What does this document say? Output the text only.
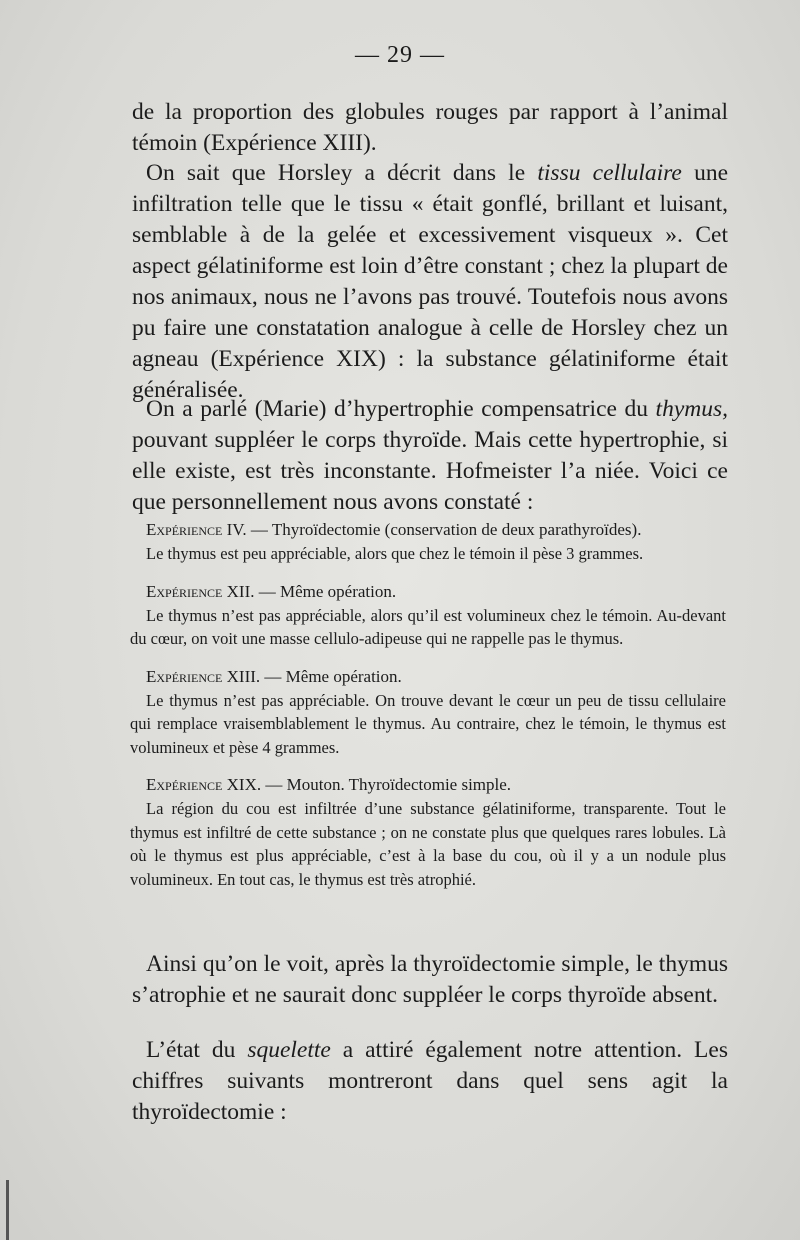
— 29 —

de la proportion des globules rouges par rapport à l’animal témoin (Expérience XIII).

On sait que Horsley a décrit dans le tissu cellulaire une infiltration telle que le tissu « était gonflé, brillant et luisant, semblable à de la gelée et excessivement visqueux ». Cet aspect gélatiniforme est loin d’être constant ; chez la plupart de nos animaux, nous ne l’avons pas trouvé. Toutefois nous avons pu faire une constatation analogue à celle de Horsley chez un agneau (Expérience XIX) : la substance gélatiniforme était généralisée.

On a parlé (Marie) d’hypertrophie compensatrice du thymus, pouvant suppléer le corps thyroïde. Mais cette hypertrophie, si elle existe, est très inconstante. Hofmeister l’a niée. Voici ce que personnellement nous avons constaté :

Expérience IV. — Thyroïdectomie (conservation de deux parathyroïdes).

Le thymus est peu appréciable, alors que chez le témoin il pèse 3 grammes.

Expérience XII. — Même opération.

Le thymus n’est pas appréciable, alors qu’il est volumineux chez le témoin. Au-devant du cœur, on voit une masse cellulo-adipeuse qui ne rappelle pas le thymus.

Expérience XIII. — Même opération.

Le thymus n’est pas appréciable. On trouve devant le cœur un peu de tissu cellulaire qui remplace vraisemblablement le thymus. Au contraire, chez le témoin, le thymus est volumineux et pèse 4 grammes.

Expérience XIX. — Mouton. Thyroïdectomie simple.

La région du cou est infiltrée d’une substance gélatiniforme, transparente. Tout le thymus est infiltré de cette substance ; on ne constate plus que quelques rares lobules. Là où le thymus est plus appréciable, c’est à la base du cou, où il y a un nodule plus volumineux. En tout cas, le thymus est très atrophié.

Ainsi qu’on le voit, après la thyroïdectomie simple, le thymus s’atrophie et ne saurait donc suppléer le corps thyroïde absent.

L’état du squelette a attiré également notre attention. Les chiffres suivants montreront dans quel sens agit la thyroïdectomie :
